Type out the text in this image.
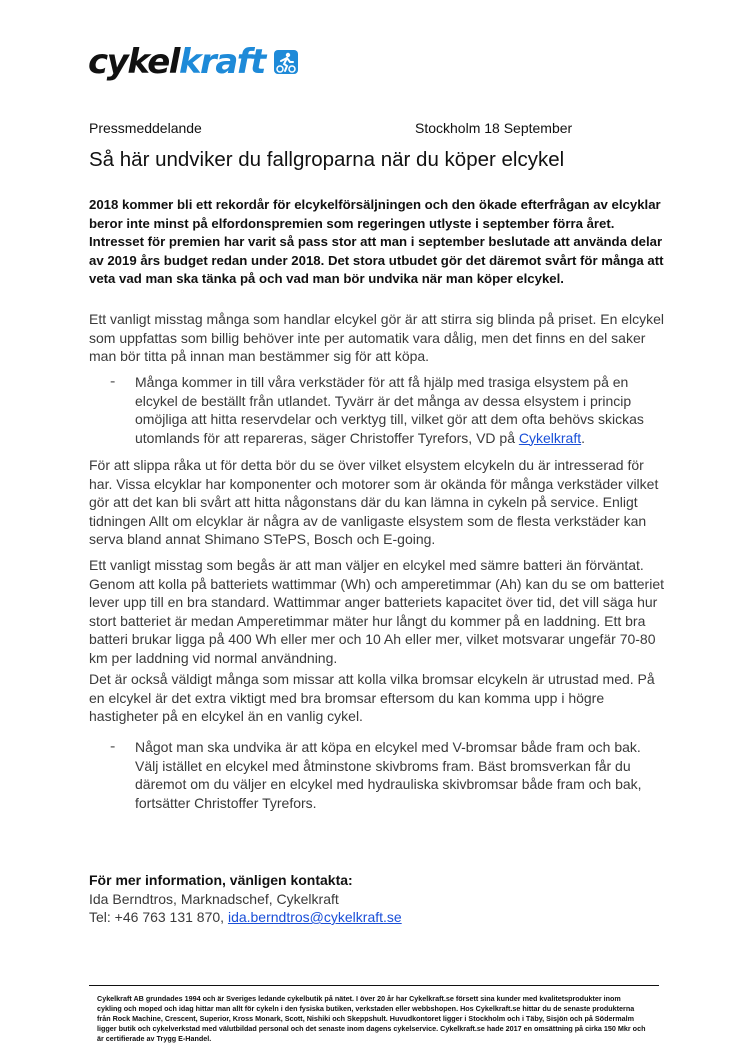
cykelkraft
Pressmeddelande	Stockholm 18 September
Så här undviker du fallgroparna när du köper elcykel

2018 kommer bli ett rekordår för elcykelförsäljningen och den ökade efterfrågan av elcyklar beror inte minst på elfordonspremien som regeringen utlyste i september förra året. Intresset för premien har varit så pass stor att man i september beslutade att använda delar av 2019 års budget redan under 2018. Det stora utbudet gör det däremot svårt för många att veta vad man ska tänka på och vad man bör undvika när man köper elcykel.

Ett vanligt misstag många som handlar elcykel gör är att stirra sig blinda på priset. En elcykel som uppfattas som billig behöver inte per automatik vara dålig, men det finns en del saker man bör titta på innan man bestämmer sig för att köpa.

- Många kommer in till våra verkstäder för att få hjälp med trasiga elsystem på en elcykel de beställt från utlandet. Tyvärr är det många av dessa elsystem i princip omöjliga att hitta reservdelar och verktyg till, vilket gör att dem ofta behövs skickas utomlands för att repareras, säger Christoffer Tyrefors, VD på Cykelkraft.

För att slippa råka ut för detta bör du se över vilket elsystem elcykeln du är intresserad för har. Vissa elcyklar har komponenter och motorer som är okända för många verkstäder vilket gör att det kan bli svårt att hitta någonstans där du kan lämna in cykeln på service. Enligt tidningen Allt om elcyklar är några av de vanligaste elsystem som de flesta verkstäder kan serva bland annat Shimano STePS, Bosch och E-going.

Ett vanligt misstag som begås är att man väljer en elcykel med sämre batteri än förväntat. Genom att kolla på batteriets wattimmar (Wh) och amperetimmar (Ah) kan du se om batteriet lever upp till en bra standard. Wattimmar anger batteriets kapacitet över tid, det vill säga hur stort batteriet är medan Amperetimmar mäter hur långt du kommer på en laddning. Ett bra batteri brukar ligga på 400 Wh eller mer och 10 Ah eller mer, vilket motsvarar ungefär 70-80 km per laddning vid normal användning.

Det är också väldigt många som missar att kolla vilka bromsar elcykeln är utrustad med. På en elcykel är det extra viktigt med bra bromsar eftersom du kan komma upp i högre hastigheter på en elcykel än en vanlig cykel.

- Något man ska undvika är att köpa en elcykel med V-bromsar både fram och bak. Välj istället en elcykel med åtminstone skivbroms fram. Bäst bromsverkan får du däremot om du väljer en elcykel med hydrauliska skivbromsar både fram och bak, fortsätter Christoffer Tyrefors.

För mer information, vänligen kontakta:
Ida Berndtros, Marknadschef, Cykelkraft
Tel: +46 763 131 870, ida.berndtros@cykelkraft.se
Cykelkraft AB grundades 1994 och är Sveriges ledande cykelbutik på nätet. I över 20 år har Cykelkraft.se försett sina kunder med kvalitetsprodukter inom cykling och moped och idag hittar man allt för cykeln i den fysiska butiken, verkstaden eller webbshopen. Hos Cykelkraft.se hittar du de senaste produkterna från Rock Machine, Crescent, Superior, Kross Monark, Scott, Nishiki och Skeppshult. Huvudkontoret ligger i Stockholm och i Täby, Sisjön och på Södermalm ligger butik och cykelverkstad med välutbildad personal och det senaste inom dagens cykelservice. Cykelkraft.se hade 2017 en omsättning på cirka 150 Mkr och är certifierade av Trygg E-Handel.
